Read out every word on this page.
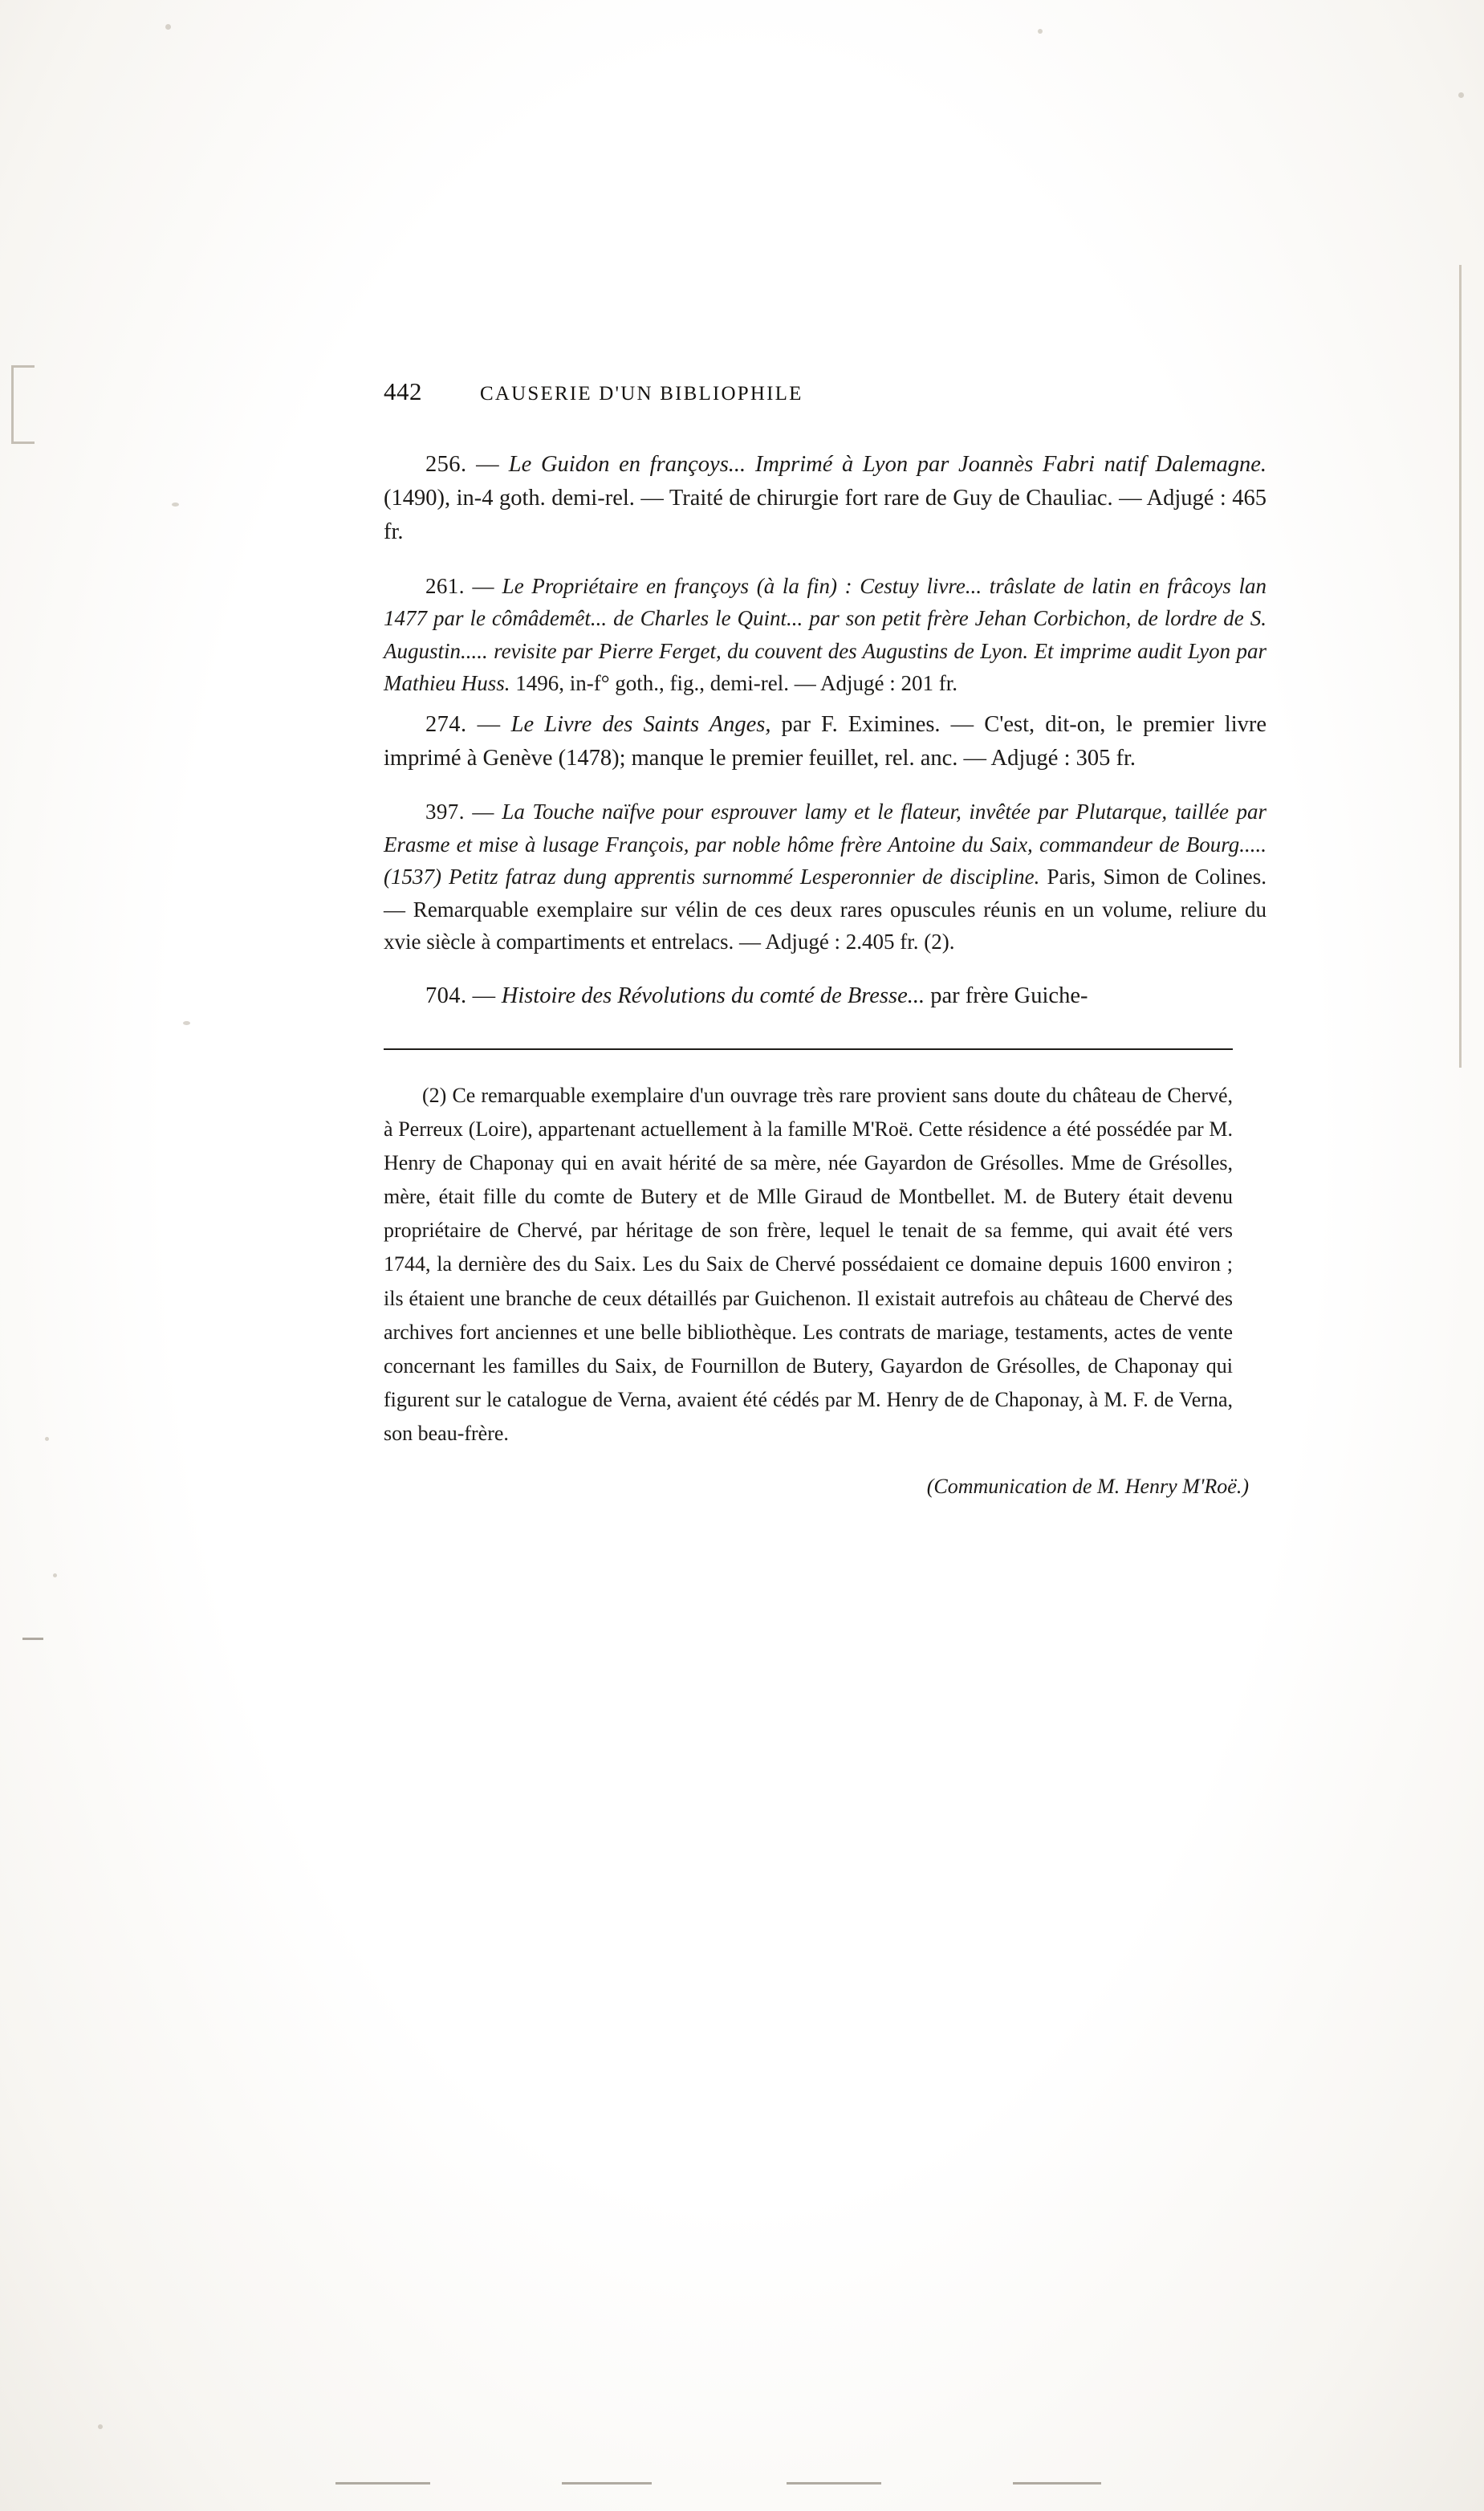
442	CAUSERIE D'UN BIBLIOPHILE

256. — Le Guidon en françoys... Imprimé à Lyon par Joannès Fabri natif Dalemagne. (1490), in-4 goth. demi-rel. — Traité de chirurgie fort rare de Guy de Chauliac. — Adjugé : 465 fr.

261. — Le Propriétaire en françoys (à la fin) : Cestuy livre... trâslate de latin en frâcoys lan 1477 par le cômâdemêt... de Charles le Quint... par son petit frère Jehan Corbichon, de lordre de S. Augustin..... revisite par Pierre Ferget, du couvent des Augustins de Lyon. Et imprime audit Lyon par Mathieu Huss. 1496, in-f° goth., fig., demi-rel. — Adjugé : 201 fr.

274. — Le Livre des Saints Anges, par F. Eximines. — C'est, dit-on, le premier livre imprimé à Genève (1478); manque le premier feuillet, rel. anc. — Adjugé : 305 fr.

397. — La Touche naïfve pour esprouver lamy et le flateur, invêtée par Plutarque, taillée par Erasme et mise à lusage François, par noble hôme frère Antoine du Saix, commandeur de Bourg..... (1537) Petitz fatraz dung apprentis surnommé Lesperonnier de discipline. Paris, Simon de Colines. — Remarquable exemplaire sur vélin de ces deux rares opuscules réunis en un volume, reliure du xvie siècle à compartiments et entrelacs. — Adjugé : 2.405 fr. (2).

704. — Histoire des Révolutions du comté de Bresse... par frère Guiche-

(2) Ce remarquable exemplaire d'un ouvrage très rare provient sans doute du château de Chervé, à Perreux (Loire), appartenant actuellement à la famille M'Roë. Cette résidence a été possédée par M. Henry de Chaponay qui en avait hérité de sa mère, née Gayardon de Grésolles. Mme de Grésolles, mère, était fille du comte de Butery et de Mlle Giraud de Montbellet. M. de Butery était devenu propriétaire de Chervé, par héritage de son frère, lequel le tenait de sa femme, qui avait été vers 1744, la dernière des du Saix. Les du Saix de Chervé possédaient ce domaine depuis 1600 environ ; ils étaient une branche de ceux détaillés par Guichenon. Il existait autrefois au château de Chervé des archives fort anciennes et une belle bibliothèque. Les contrats de mariage, testaments, actes de vente concernant les familles du Saix, de Fournillon de Butery, Gayardon de Grésolles, de Chaponay qui figurent sur le catalogue de Verna, avaient été cédés par M. Henry de de Chaponay, à M. F. de Verna, son beau-frère.

(Communication de M. Henry M'Roë.)
